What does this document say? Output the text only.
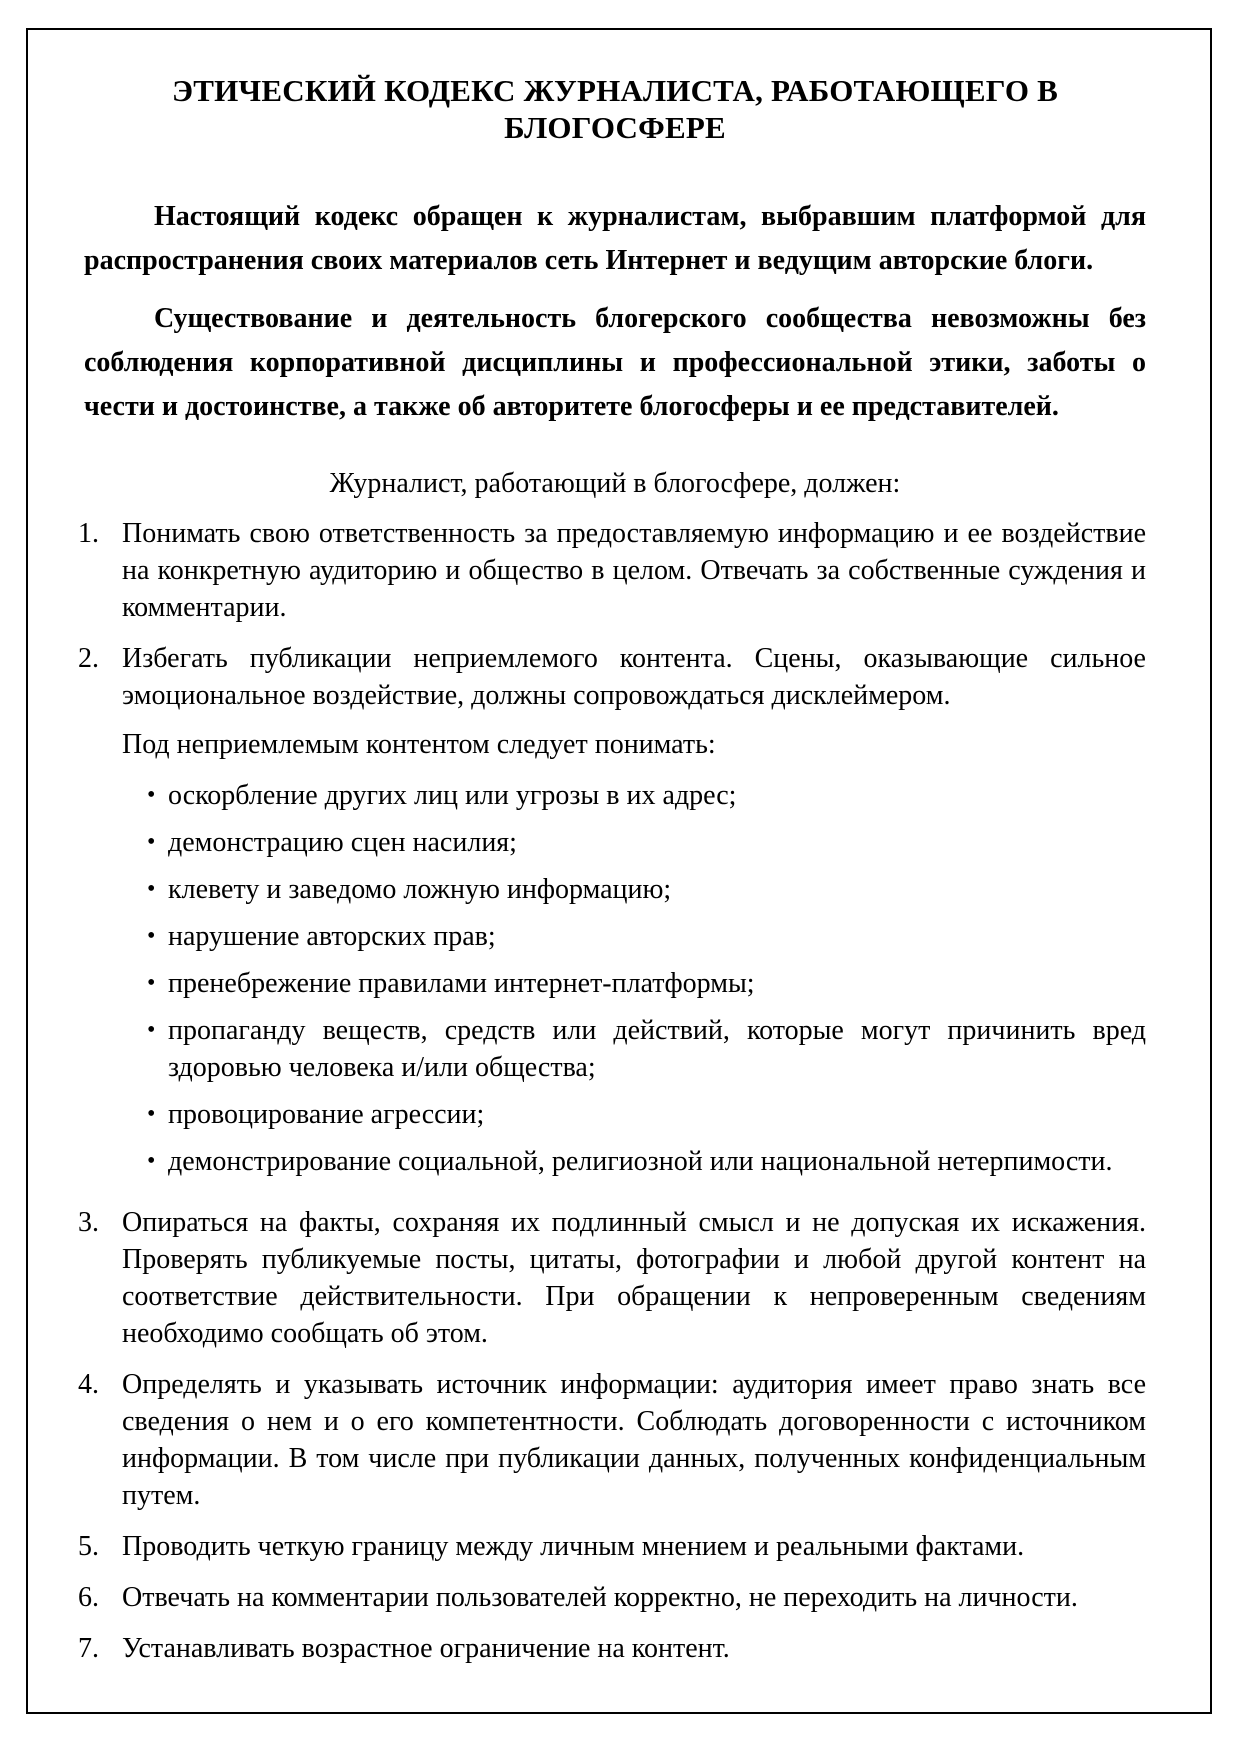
ЭТИЧЕСКИЙ КОДЕКС ЖУРНАЛИСТА, РАБОТАЮЩЕГО В БЛОГОСФЕРЕ

Настоящий кодекс обращен к журналистам, выбравшим платформой для распространения своих материалов сеть Интернет и ведущим авторские блоги.

Существование и деятельность блогерского сообщества невозможны без соблюдения корпоративной дисциплины и профессиональной этики, заботы о чести и достоинстве, а также об авторитете блогосферы и ее представителей.

Журналист, работающий в блогосфере, должен:

1. Понимать свою ответственность за предоставляемую информацию и ее воздействие на конкретную аудиторию и общество в целом. Отвечать за собственные суждения и комментарии.

2. Избегать публикации неприемлемого контента. Сцены, оказывающие сильное эмоциональное воздействие, должны сопровождаться дисклеймером.

Под неприемлемым контентом следует понимать:

• оскорбление других лиц или угрозы в их адрес;

• демонстрацию сцен насилия;

• клевету и заведомо ложную информацию;

• нарушение авторских прав;

• пренебрежение правилами интернет-платформы;

• пропаганду веществ, средств или действий, которые могут причинить вред здоровью человека и/или общества;

• провоцирование агрессии;

• демонстрирование социальной, религиозной или национальной нетерпимости.

3. Опираться на факты, сохраняя их подлинный смысл и не допуская их искажения. Проверять публикуемые посты, цитаты, фотографии и любой другой контент на соответствие действительности. При обращении к непроверенным сведениям необходимо сообщать об этом.

4. Определять и указывать источник информации: аудитория имеет право знать все сведения о нем и о его компетентности. Соблюдать договоренности с источником информации. В том числе при публикации данных, полученных конфиденциальным путем.

5. Проводить четкую границу между личным мнением и реальными фактами.

6. Отвечать на комментарии пользователей корректно, не переходить на личности.

7. Устанавливать возрастное ограничение на контент.
